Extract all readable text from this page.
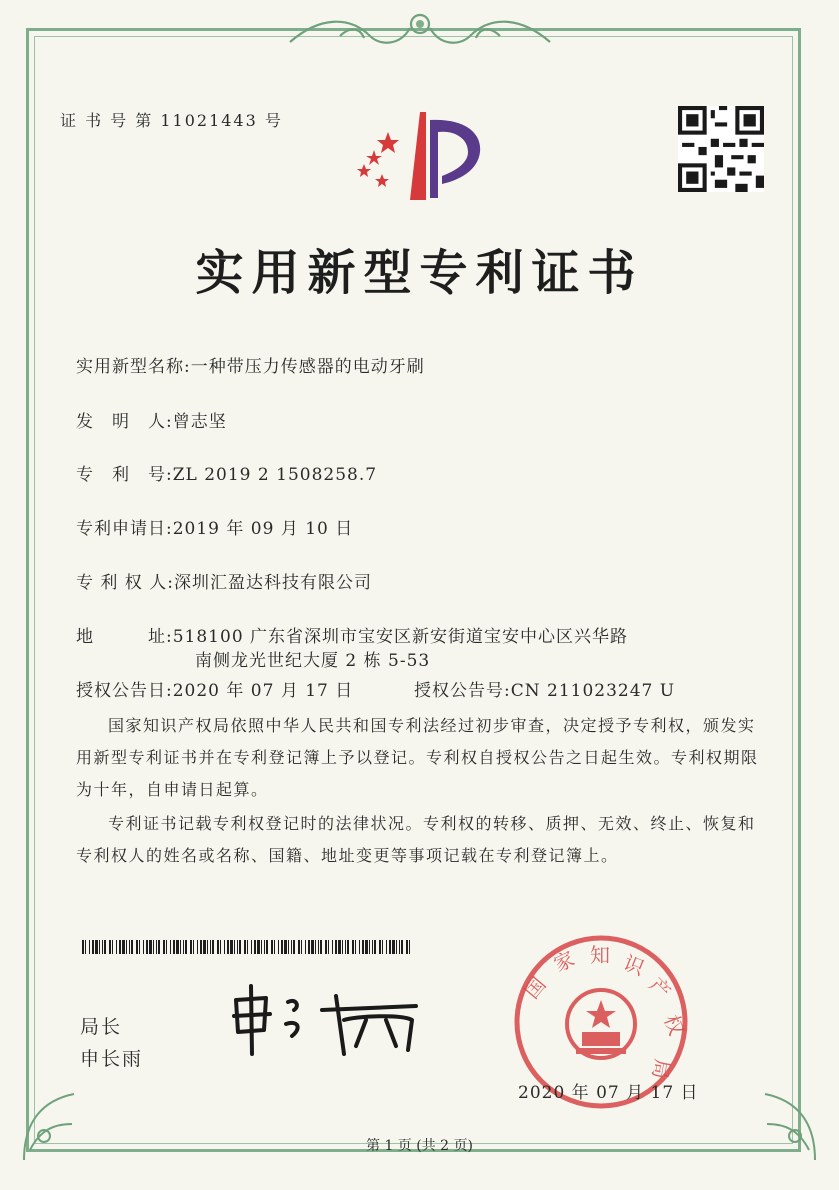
证 书 号 第 11021443 号
实用新型专利证书
实用新型名称:一种带压力传感器的电动牙刷
发　明　人:曾志坚
专　利　号:ZL 2019 2 1508258.7
专利申请日:2019 年 09 月 10 日
专 利 权 人:深圳汇盈达科技有限公司
地　　　址:518100 广东省深圳市宝安区新安街道宝安中心区兴华路
南侧龙光世纪大厦 2 栋 5-53
授权公告日:2020 年 07 月 17 日	授权公告号:CN 211023247 U
国家知识产权局依照中华人民共和国专利法经过初步审查，决定授予专利权，颁发实用新型专利证书并在专利登记簿上予以登记。专利权自授权公告之日起生效。专利权期限为十年，自申请日起算。
专利证书记载专利权登记时的法律状况。专利权的转移、质押、无效、终止、恢复和专利权人的姓名或名称、国籍、地址变更等事项记载在专利登记簿上。
局长
申长雨
国
家 知 识
产
权
局
2020 年 07 月 17 日
第 1 页 (共 2 页)
